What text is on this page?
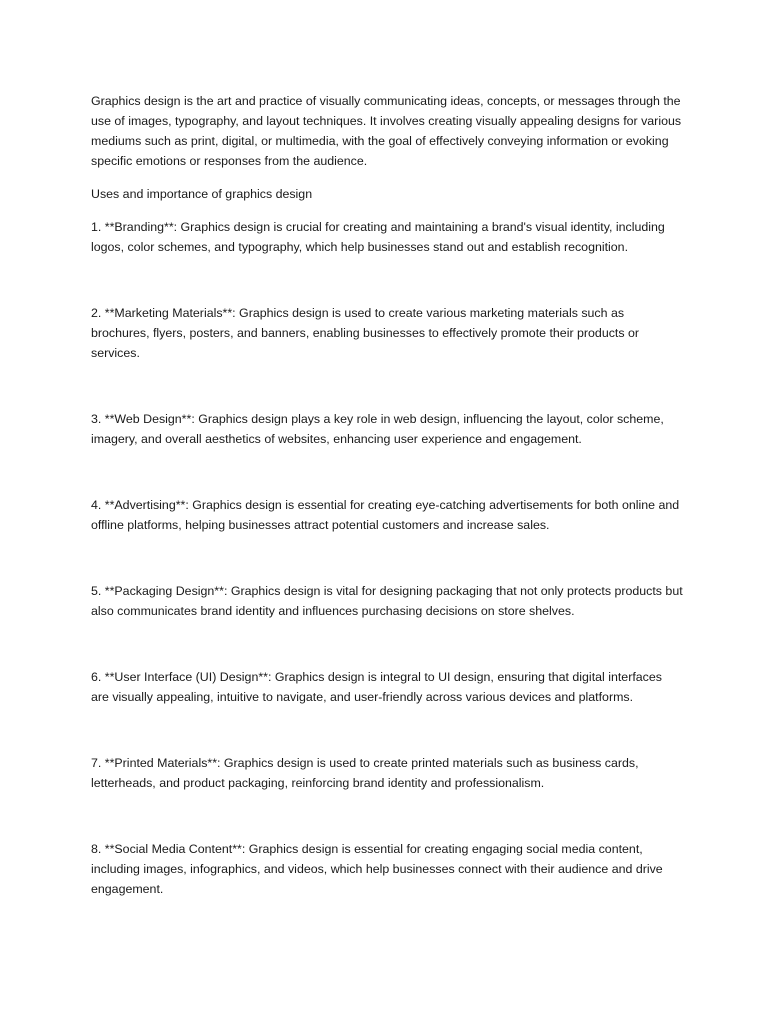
Graphics design is the art and practice of visually communicating ideas, concepts, or messages through the use of images, typography, and layout techniques. It involves creating visually appealing designs for various mediums such as print, digital, or multimedia, with the goal of effectively conveying information or evoking specific emotions or responses from the audience.

Uses and importance of graphics design

1. **Branding**: Graphics design is crucial for creating and maintaining a brand's visual identity, including logos, color schemes, and typography, which help businesses stand out and establish recognition.

2. **Marketing Materials**: Graphics design is used to create various marketing materials such as brochures, flyers, posters, and banners, enabling businesses to effectively promote their products or services.

3. **Web Design**: Graphics design plays a key role in web design, influencing the layout, color scheme, imagery, and overall aesthetics of websites, enhancing user experience and engagement.

4. **Advertising**: Graphics design is essential for creating eye-catching advertisements for both online and offline platforms, helping businesses attract potential customers and increase sales.

5. **Packaging Design**: Graphics design is vital for designing packaging that not only protects products but also communicates brand identity and influences purchasing decisions on store shelves.

6. **User Interface (UI) Design**: Graphics design is integral to UI design, ensuring that digital interfaces are visually appealing, intuitive to navigate, and user-friendly across various devices and platforms.

7. **Printed Materials**: Graphics design is used to create printed materials such as business cards, letterheads, and product packaging, reinforcing brand identity and professionalism.

8. **Social Media Content**: Graphics design is essential for creating engaging social media content, including images, infographics, and videos, which help businesses connect with their audience and drive engagement.
